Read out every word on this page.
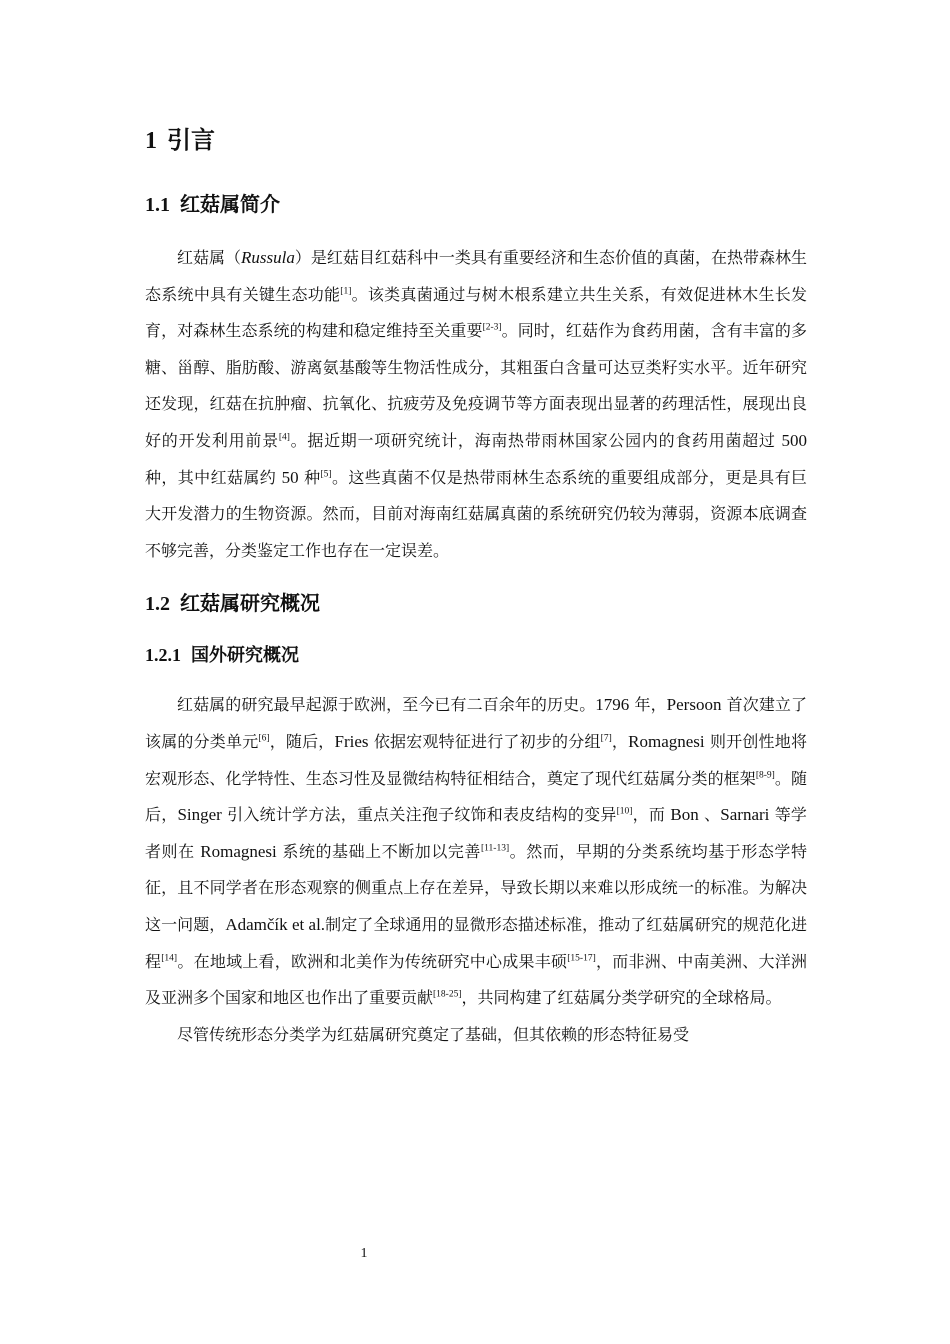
1 引言
1.1 红菇属简介

红菇属（Russula）是红菇目红菇科中一类具有重要经济和生态价值的真菌，在热带森林生态系统中具有关键生态功能[1]。该类真菌通过与树木根系建立共生关系，有效促进林木生长发育，对森林生态系统的构建和稳定维持至关重要[2-3]。同时，红菇作为食药用菌，含有丰富的多糖、甾醇、脂肪酸、游离氨基酸等生物活性成分，其粗蛋白含量可达豆类籽实水平。近年研究还发现，红菇在抗肿瘤、抗氧化、抗疲劳及免疫调节等方面表现出显著的药理活性，展现出良好的开发利用前景[4]。据近期一项研究统计，海南热带雨林国家公园内的食药用菌超过 500 种，其中红菇属约 50 种[5]。这些真菌不仅是热带雨林生态系统的重要组成部分，更是具有巨大开发潜力的生物资源。然而，目前对海南红菇属真菌的系统研究仍较为薄弱，资源本底调查不够完善，分类鉴定工作也存在一定误差。

1.2 红菇属研究概况
1.2.1 国外研究概况

红菇属的研究最早起源于欧洲，至今已有二百余年的历史。1796 年，Persoon 首次建立了该属的分类单元[6]，随后，Fries 依据宏观特征进行了初步的分组[7]，Romagnesi 则开创性地将宏观形态、化学特性、生态习性及显微结构特征相结合，奠定了现代红菇属分类的框架[8-9]。随后，Singer 引入统计学方法，重点关注孢子纹饰和表皮结构的变异[10]，而 Bon 、Sarnari 等学者则在 Romagnesi 系统的基础上不断加以完善[11-13]。然而，早期的分类系统均基于形态学特征，且不同学者在形态观察的侧重点上存在差异，导致长期以来难以形成统一的标准。为解决这一问题，Adamčík et al.制定了全球通用的显微形态描述标准，推动了红菇属研究的规范化进程[14]。在地域上看，欧洲和北美作为传统研究中心成果丰硕[15-17]，而非洲、中南美洲、大洋洲及亚洲多个国家和地区也作出了重要贡献[18-25]，共同构建了红菇属分类学研究的全球格局。

尽管传统形态分类学为红菇属研究奠定了基础，但其依赖的形态特征易受

1
